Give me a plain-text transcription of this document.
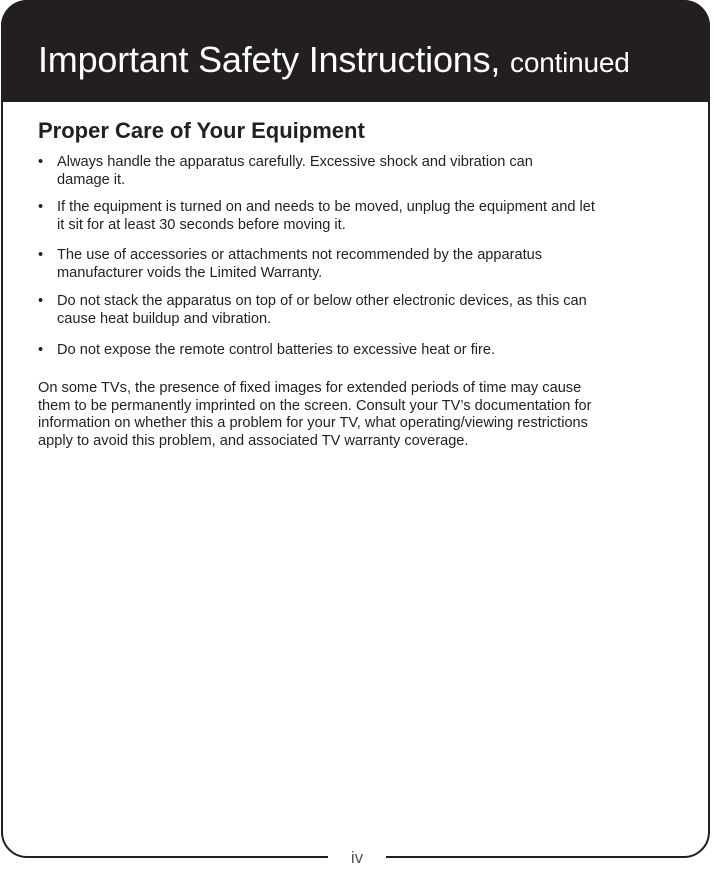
Important Safety Instructions, continued
Proper Care of Your Equipment
• Always handle the apparatus carefully. Excessive shock and vibration can
damage it.
• If the equipment is turned on and needs to be moved, unplug the equipment and let
it sit for at least 30 seconds before moving it.
• The use of accessories or attachments not recommended by the apparatus
manufacturer voids the Limited Warranty.
• Do not stack the apparatus on top of or below other electronic devices, as this can
cause heat buildup and vibration.
• Do not expose the remote control batteries to excessive heat or fire.
On some TVs, the presence of fixed images for extended periods of time may cause
them to be permanently imprinted on the screen. Consult your TV’s documentation for
information on whether this a problem for your TV, what operating/viewing restrictions
apply to avoid this problem, and associated TV warranty coverage.
iv
